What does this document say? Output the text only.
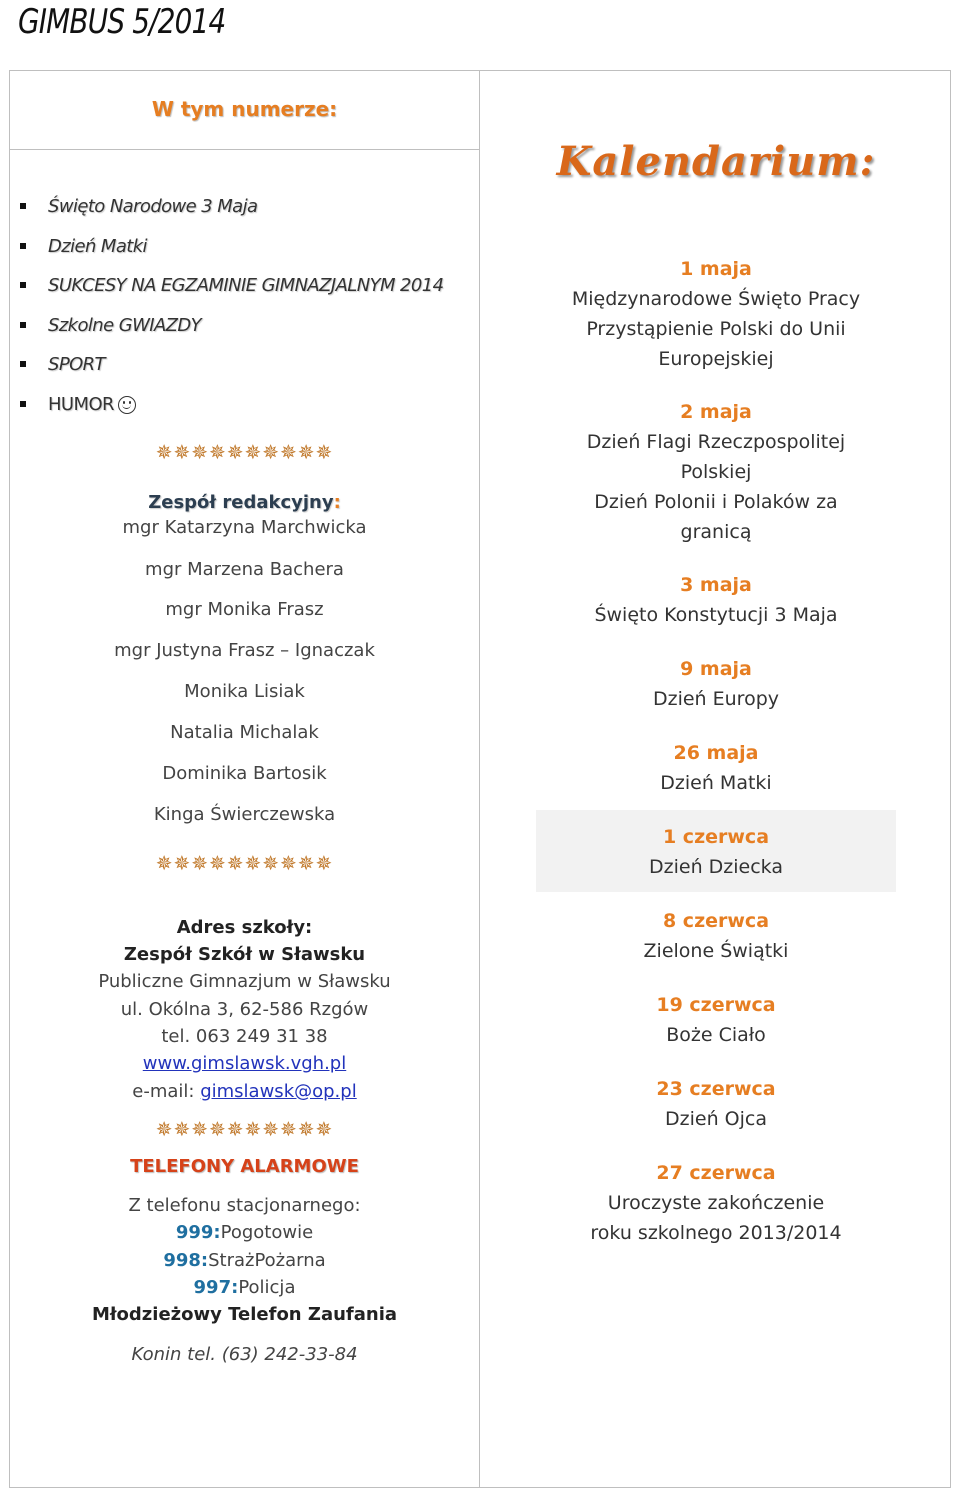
GIMBUS 5/2014
W tym numerze:
Święto Narodowe 3 Maja
Dzień Matki
SUKCESY NA EGZAMINIE GIMNAZJALNYM 2014
Szkolne GWIAZDY
SPORT
HUMOR
✵✵✵✵✵✵✵✵✵✵
Zespół redakcyjny:
mgr Katarzyna Marchwicka
mgr Marzena Bachera
mgr Monika Frasz
mgr Justyna Frasz – Ignaczak
Monika Lisiak
Natalia Michalak
Dominika Bartosik
Kinga Świerczewska
✵✵✵✵✵✵✵✵✵✵
Adres szkoły:
Zespół Szkół w Sławsku
Publiczne Gimnazjum w Sławsku
ul. Okólna 3, 62-586 Rzgów
tel. 063 249 31 38
www.gimslawsk.vgh.pl
e-mail: gimslawsk@op.pl
✵✵✵✵✵✵✵✵✵✵
TELEFONY ALARMOWE
Z telefonu stacjonarnego:
999:Pogotowie
998:StrażPożarna
997:Policja
Młodzieżowy Telefon Zaufania
Konin tel. (63) 242-33-84
Kalendarium:
1 maja
Międzynarodowe Święto Pracy
Przystąpienie Polski do Unii
Europejskiej
2 maja
Dzień Flagi Rzeczpospolitej
Polskiej
Dzień Polonii i Polaków za
granicą
3 maja
Święto Konstytucji 3 Maja
9 maja
Dzień Europy
26 maja
Dzień Matki
1 czerwca
Dzień Dziecka
8 czerwca
Zielone Świątki
19 czerwca
Boże Ciało
23 czerwca
Dzień Ojca
27 czerwca
Uroczyste zakończenie
roku szkolnego 2013/2014
